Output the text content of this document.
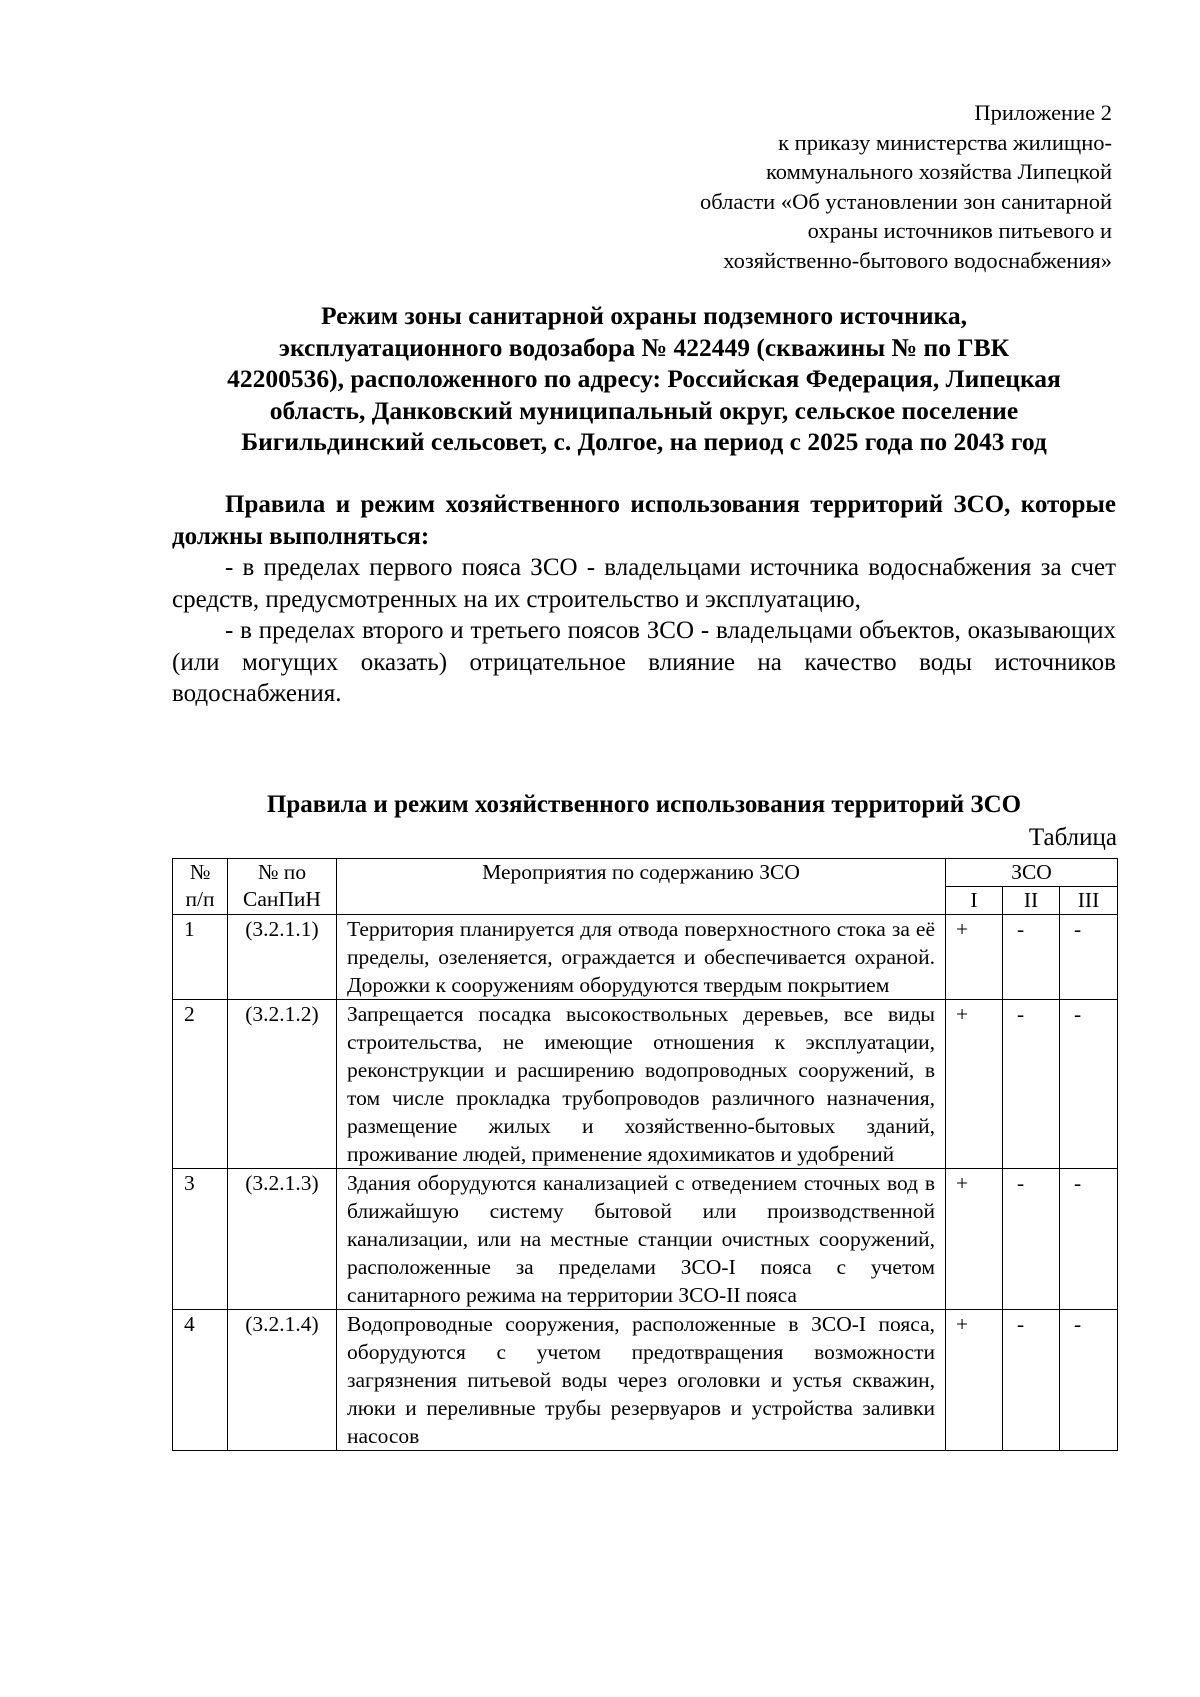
Приложение 2
к приказу министерства жилищно-
коммунального хозяйства Липецкой
области «Об установлении зон санитарной
охраны источников питьевого и
хозяйственно-бытового водоснабжения»
Режим зоны санитарной охраны подземного источника,
эксплуатационного водозабора № 422449 (скважины № по ГВК
42200536), расположенного по адресу: Российская Федерация, Липецкая
область, Данковский муниципальный округ, сельское поселение
Бигильдинский сельсовет, с. Долгое, на период с 2025 года по 2043 год

Правила и режим хозяйственного использования территорий ЗСО, которые должны выполняться:

- в пределах первого пояса ЗСО - владельцами источника водоснабжения за счет средств, предусмотренных на их строительство и эксплуатацию,

- в пределах второго и третьего поясов ЗСО - владельцами объектов, оказывающих (или могущих оказать) отрицательное влияние на качество воды источников водоснабжения.

Правила и режим хозяйственного использования территорий ЗСО
Таблица
№ п/п	№ по СанПиН	Мероприятия по содержанию ЗСО	ЗСО		
			I	II	III
1	(3.2.1.1)	Территория планируется для отвода поверхностного стока за её пределы, озеленяется, ограждается и обеспечивается охраной. Дорожки к сооружениям оборудуются твердым покрытием	+	-	-
2	(3.2.1.2)	Запрещается посадка высокоствольных деревьев, все виды строительства, не имеющие отношения к эксплуатации, реконструкции и расширению водопроводных сооружений, в том числе прокладка трубопроводов различного назначения, размещение жилых и хозяйственно-бытовых зданий, проживание людей, применение ядохимикатов и удобрений	+	-	-
3	(3.2.1.3)	Здания оборудуются канализацией с отведением сточных вод в ближайшую систему бытовой или производственной канализации, или на местные станции очистных сооружений, расположенные за пределами ЗСО-I пояса с учетом санитарного режима на территории ЗСО-II пояса	+	-	-
4	(3.2.1.4)	Водопроводные сооружения, расположенные в ЗСО-I пояса, оборудуются с учетом предотвращения возможности загрязнения питьевой воды через оголовки и устья скважин, люки и переливные трубы резервуаров и устройства заливки насосов	+	-	-
